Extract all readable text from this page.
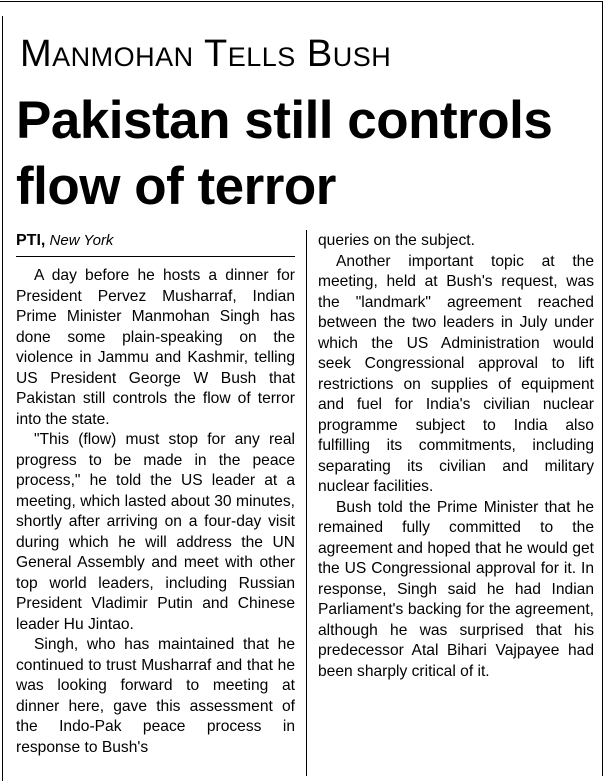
Manmohan Tells Bush
Pakistan still controls flow of terror
PTI, New York

A day before he hosts a dinner for President Pervez Musharraf, Indian Prime Minister Manmohan Singh has done some plain-speaking on the violence in Jammu and Kashmir, telling US President George W Bush that Pakistan still controls the flow of terror into the state.

"This (flow) must stop for any real progress to be made in the peace process," he told the US leader at a meeting, which lasted about 30 minutes, shortly after arriving on a four-day visit during which he will address the UN General Assembly and meet with other top world leaders, including Russian President Vladimir Putin and Chinese leader Hu Jintao.

Singh, who has maintained that he continued to trust Musharraf and that he was looking forward to meeting at dinner here, gave this assessment of the Indo-Pak peace process in response to Bush's

queries on the subject.

Another important topic at the meeting, held at Bush's request, was the "landmark" agreement reached between the two leaders in July under which the US Administration would seek Congressional approval to lift restrictions on supplies of equipment and fuel for India's civilian nuclear programme subject to India also fulfilling its commitments, including separating its civilian and military nuclear facilities.

Bush told the Prime Minister that he remained fully committed to the agreement and hoped that he would get the US Congressional approval for it. In response, Singh said he had Indian Parliament's backing for the agreement, although he was surprised that his predecessor Atal Bihari Vajpayee had been sharply critical of it.
